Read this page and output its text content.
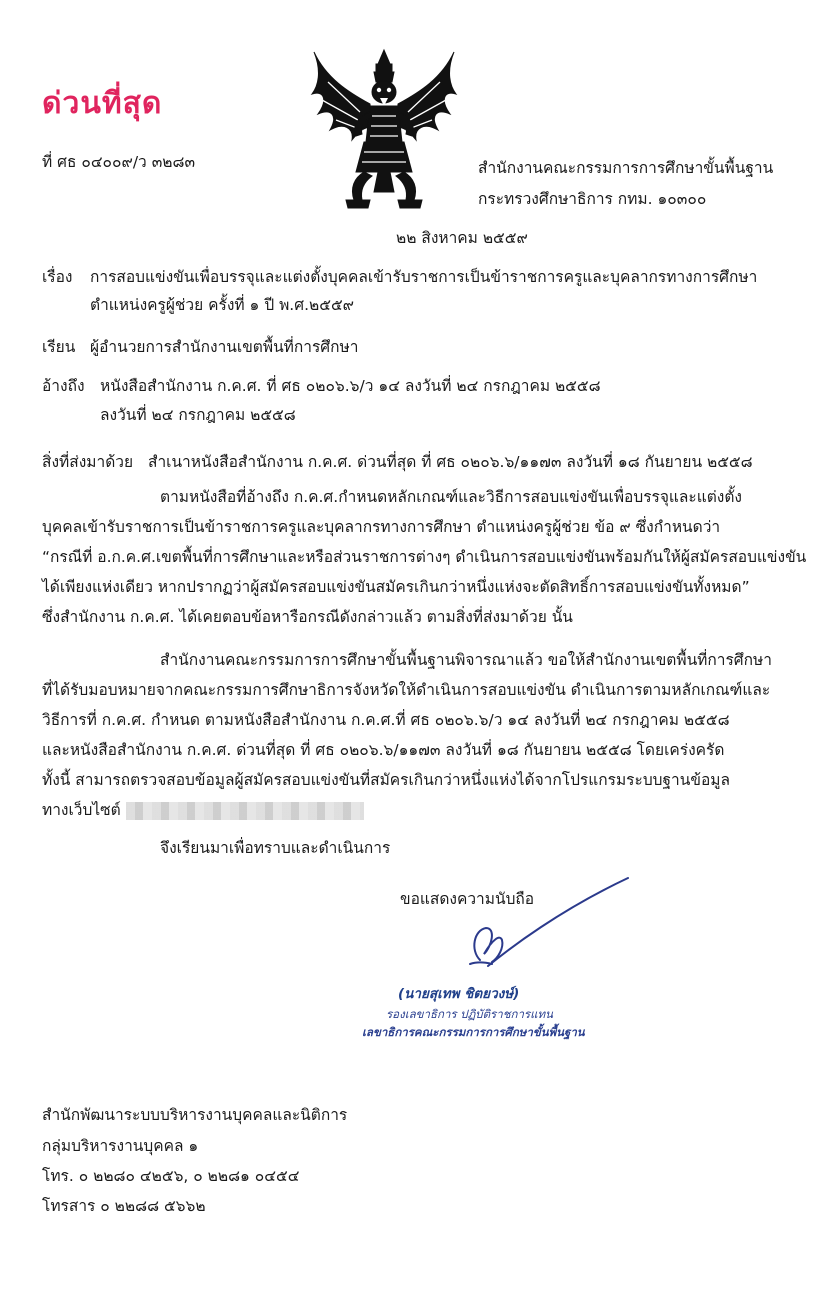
ด่วนที่สุด
ที่ ศธ ๐๔๐๐๙/ว ๓๒๘๓	สำนักงานคณะกรรมการการศึกษาขั้นพื้นฐาน
กระทรวงศึกษาธิการ กทม. ๑๐๓๐๐
๒๒ สิงหาคม ๒๕๕๙
เรื่อง การสอบแข่งขันเพื่อบรรจุและแต่งตั้งบุคคลเข้ารับราชการเป็นข้าราชการครูและบุคลากรทางการศึกษา
ตำแหน่งครูผู้ช่วย ครั้งที่ ๑ ปี พ.ศ.๒๕๕๙
เรียน ผู้อำนวยการสำนักงานเขตพื้นที่การศึกษา
อ้างถึง หนังสือสำนักงาน ก.ค.ศ. ที่ ศธ ๐๒๐๖.๖/ว ๑๔ ลงวันที่ ๒๔ กรกฎาคม ๒๕๕๘
ลงวันที่ ๒๔ กรกฎาคม ๒๕๕๘
สิ่งที่ส่งมาด้วย สำเนาหนังสือสำนักงาน ก.ค.ศ. ด่วนที่สุด ที่ ศธ ๐๒๐๖.๖/๑๑๗๓ ลงวันที่ ๑๘ กันยายน ๒๕๕๘
ตามหนังสือที่อ้างถึง ก.ค.ศ.กำหนดหลักเกณฑ์และวิธีการสอบแข่งขันเพื่อบรรจุและแต่งตั้ง
บุคคลเข้ารับราชการเป็นข้าราชการครูและบุคลากรทางการศึกษา ตำแหน่งครูผู้ช่วย ข้อ ๙ ซึ่งกำหนดว่า
“กรณีที่ อ.ก.ค.ศ.เขตพื้นที่การศึกษาและหรือส่วนราชการต่างๆ ดำเนินการสอบแข่งขันพร้อมกันให้ผู้สมัครสอบแข่งขัน
ได้เพียงแห่งเดียว หากปรากฏว่าผู้สมัครสอบแข่งขันสมัครเกินกว่าหนึ่งแห่งจะตัดสิทธิ์การสอบแข่งขันทั้งหมด”
ซึ่งสำนักงาน ก.ค.ศ. ได้เคยตอบข้อหารือกรณีดังกล่าวแล้ว ตามสิ่งที่ส่งมาด้วย นั้น
สำนักงานคณะกรรมการการศึกษาขั้นพื้นฐานพิจารณาแล้ว ขอให้สำนักงานเขตพื้นที่การศึกษา
ที่ได้รับมอบหมายจากคณะกรรมการศึกษาธิการจังหวัดให้ดำเนินการสอบแข่งขัน ดำเนินการตามหลักเกณฑ์และ
วิธีการที่ ก.ค.ศ. กำหนด ตามหนังสือสำนักงาน ก.ค.ศ.ที่ ศธ ๐๒๐๖.๖/ว ๑๔ ลงวันที่ ๒๔ กรกฎาคม ๒๕๕๘
และหนังสือสำนักงาน ก.ค.ศ. ด่วนที่สุด ที่ ศธ ๐๒๐๖.๖/๑๑๗๓ ลงวันที่ ๑๘ กันยายน ๒๕๕๘ โดยเคร่งครัด
ทั้งนี้ สามารถตรวจสอบข้อมูลผู้สมัครสอบแข่งขันที่สมัครเกินกว่าหนึ่งแห่งได้จากโปรแกรมระบบฐานข้อมูล
ทางเว็บไซต์
จึงเรียนมาเพื่อทราบและดำเนินการ
ขอแสดงความนับถือ
(นายสุเทพ ชิตยวงษ์)
รองเลขาธิการ ปฏิบัติราชการแทน
เลขาธิการคณะกรรมการการศึกษาขั้นพื้นฐาน
สำนักพัฒนาระบบบริหารงานบุคคลและนิติการ
กลุ่มบริหารงานบุคคล ๑
โทร. ๐ ๒๒๘๐ ๔๒๕๖, ๐ ๒๒๘๑ ๐๔๕๔
โทรสาร ๐ ๒๒๘๘ ๕๖๖๒
